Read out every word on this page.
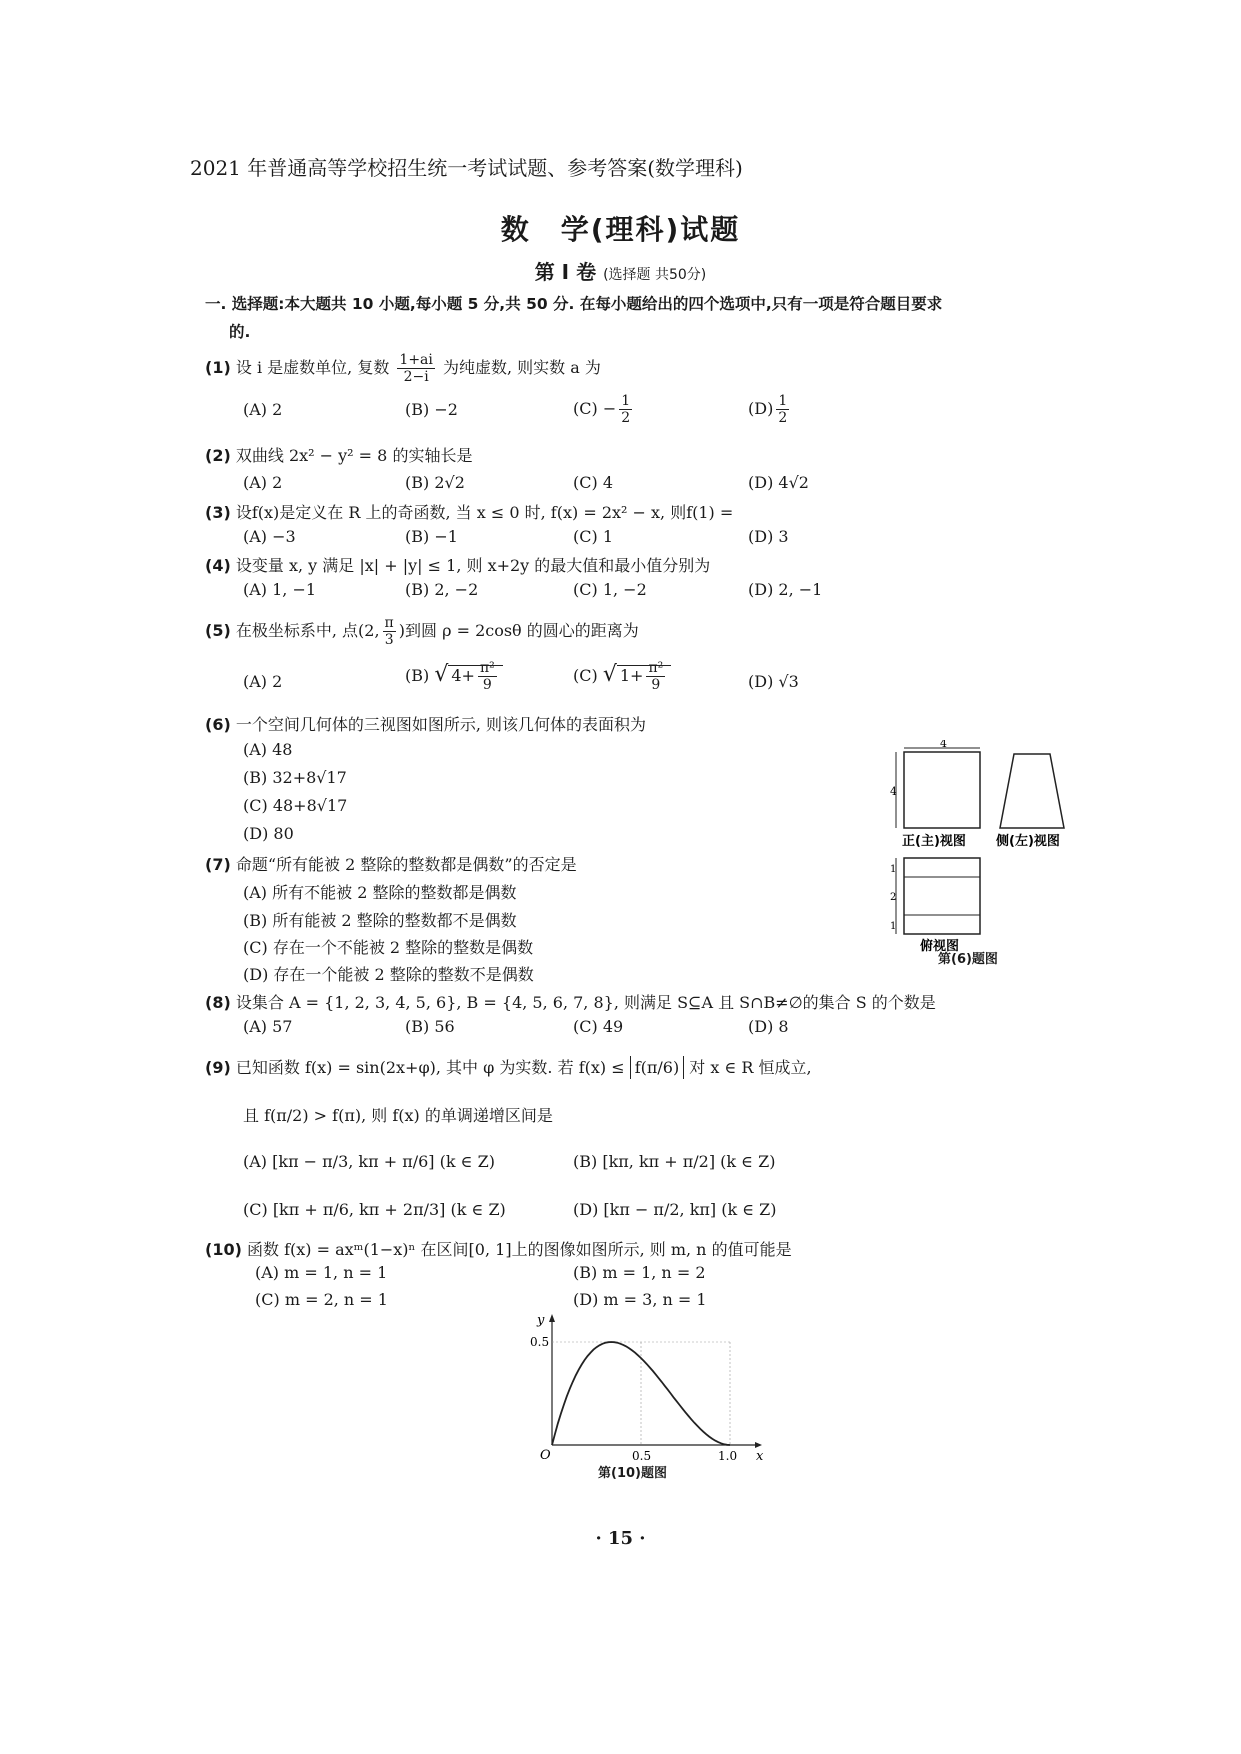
2021 年普通高等学校招生统一考试试题、参考答案(数学理科)
数　学(理科)试题
第 Ⅰ 卷 (选择题 共50分)
一. 选择题:本大题共 10 小题,每小题 5 分,共 50 分. 在每小题给出的四个选项中,只有一项是符合题目要求
的.
(1) 设 i 是虚数单位, 复数 $\frac{1+ai}{2-i}$ 为纯虚数, 则实数 a 为
(A) 2	(B) −2	$(C) - \frac{1}{2}$	$(D) \frac{1}{2}$
(2) 双曲线 2x² − y² = 8 的实轴长是
(A) 2	(B) 2√2	(C) 4	(D) 4√2
(3) 设f(x)是定义在 R 上的奇函数, 当 x ≤ 0 时, f(x) = 2x² − x, 则f(1) =
(A) −3	(B) −1	(C) 1	(D) 3
(4) 设变量 x, y 满足 |x| + |y| ≤ 1, 则 x+2y 的最大值和最小值分别为
(A) 1, −1	(B) 2, −2	(C) 1, −2	(D) 2, −1
(5) 在极坐标系中, 点(2, $\frac{\pi}{3}$ )到圆 ρ = 2cosθ 的圆心的距离为
(A) 2	(B) √ $4+ \frac{\text{π²}}{9}$	(C) √ $1+ \frac{\text{π²}}{9}$	(D) √3
(6) 一个空间几何体的三视图如图所示, 则该几何体的表面积为
(A) 48
(B) 32+8√17
(C) 48+8√17
(D) 80
4
4
正(主)视图 侧(左)视图
1
2
1
俯视图
第(6)题图
(7) 命题“所有能被 2 整除的整数都是偶数”的否定是
(A) 所有不能被 2 整除的整数都是偶数
(B) 所有能被 2 整除的整数都不是偶数
(C) 存在一个不能被 2 整除的整数是偶数
(D) 存在一个能被 2 整除的整数不是偶数
(8) 设集合 A = {1, 2, 3, 4, 5, 6}, B = {4, 5, 6, 7, 8}, 则满足 S⊆A 且 S∩B≠∅的集合 S 的个数是
(A) 57	(B) 56	(C) 49	(D) 8
(9) 已知函数 f(x) = sin(2x+φ), 其中 φ 为实数. 若 f(x) ≤ f(π/6) 对 x ∈ R 恒成立,
且 f(π/2) > f(π), 则 f(x) 的单调递增区间是
(A) [kπ − π/3, kπ + π/6] (k ∈ Z)	(B) [kπ, kπ + π/2] (k ∈ Z)
(C) [kπ + π/6, kπ + 2π/3] (k ∈ Z)	(D) [kπ − π/2, kπ] (k ∈ Z)
(10) 函数 f(x) = axᵐ(1−x)ⁿ 在区间[0, 1]上的图像如图所示, 则 m, n 的值可能是
(A) m = 1, n = 1	(B) m = 1, n = 2
(C) m = 2, n = 1	(D) m = 3, n = 1
0.5
0.5	1.0
O
y
x
第(10)题图
· 15 ·
